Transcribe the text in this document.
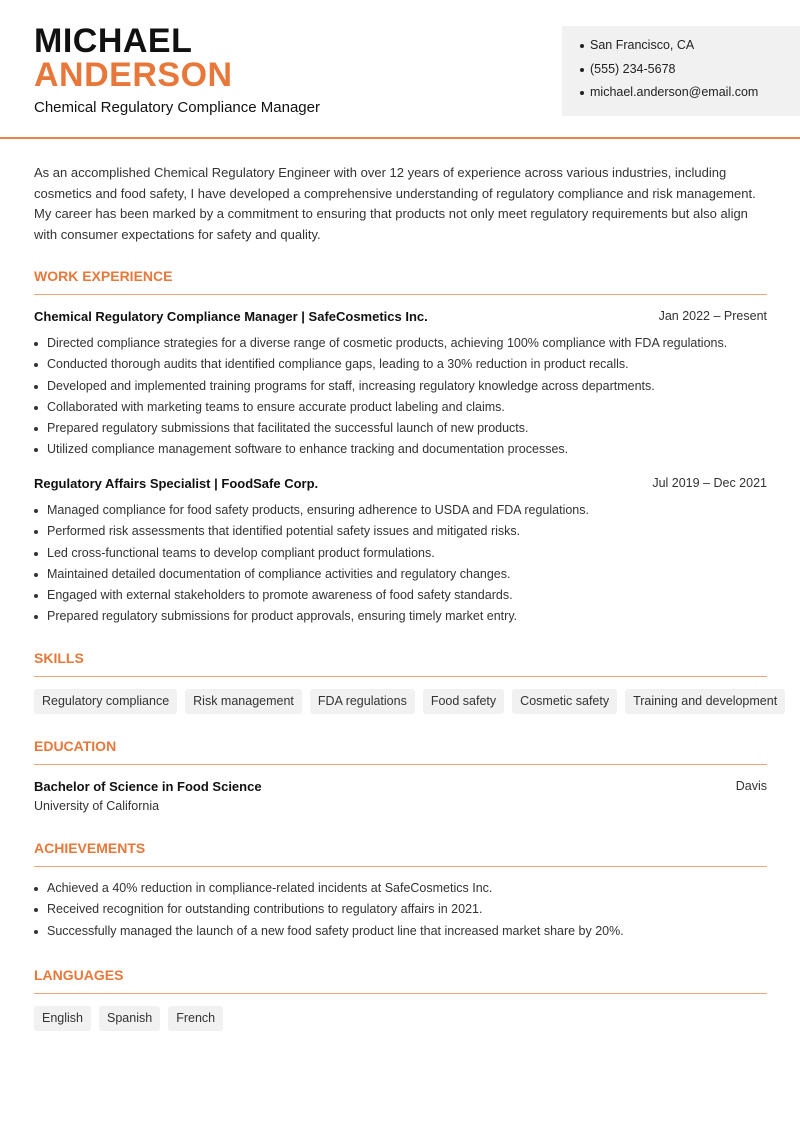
MICHAEL
ANDERSON
Chemical Regulatory Compliance Manager
San Francisco, CA
(555) 234-5678
michael.anderson@email.com
As an accomplished Chemical Regulatory Engineer with over 12 years of experience across various industries, including cosmetics and food safety, I have developed a comprehensive understanding of regulatory compliance and risk management. My career has been marked by a commitment to ensuring that products not only meet regulatory requirements but also align with consumer expectations for safety and quality.
WORK EXPERIENCE
Chemical Regulatory Compliance Manager | SafeCosmetics Inc.	Jan 2022 – Present
Directed compliance strategies for a diverse range of cosmetic products, achieving 100% compliance with FDA regulations.
Conducted thorough audits that identified compliance gaps, leading to a 30% reduction in product recalls.
Developed and implemented training programs for staff, increasing regulatory knowledge across departments.
Collaborated with marketing teams to ensure accurate product labeling and claims.
Prepared regulatory submissions that facilitated the successful launch of new products.
Utilized compliance management software to enhance tracking and documentation processes.
Regulatory Affairs Specialist | FoodSafe Corp.	Jul 2019 – Dec 2021
Managed compliance for food safety products, ensuring adherence to USDA and FDA regulations.
Performed risk assessments that identified potential safety issues and mitigated risks.
Led cross-functional teams to develop compliant product formulations.
Maintained detailed documentation of compliance activities and regulatory changes.
Engaged with external stakeholders to promote awareness of food safety standards.
Prepared regulatory submissions for product approvals, ensuring timely market entry.
SKILLS
Regulatory compliance	Risk management	FDA regulations	Food safety	Cosmetic safety	Training and development
EDUCATION
Bachelor of Science in Food Science	Davis
University of California
ACHIEVEMENTS
Achieved a 40% reduction in compliance-related incidents at SafeCosmetics Inc.
Received recognition for outstanding contributions to regulatory affairs in 2021.
Successfully managed the launch of a new food safety product line that increased market share by 20%.
LANGUAGES
English	Spanish	French
